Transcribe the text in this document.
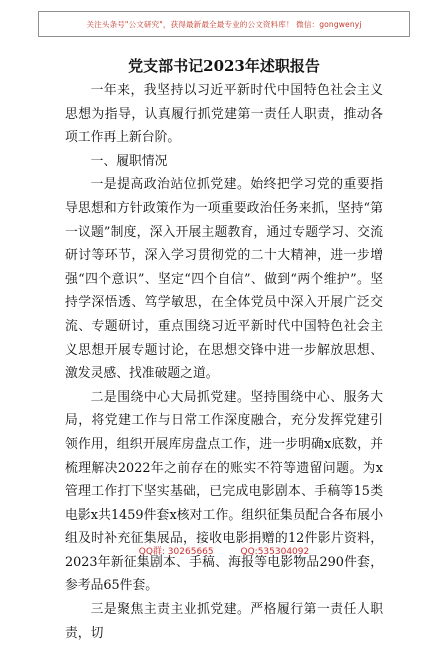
关注头条号"公文研究"，获得最新最全最专业的公文资料库！ 微信：gongwenyj
党支部书记2023年述职报告

一年来，我坚持以习近平新时代中国特色社会主义思想为指导，认真履行抓党建第一责任人职责，推动各项工作再上新台阶。

一、履职情况

一是提高政治站位抓党建。始终把学习党的重要指导思想和方针政策作为一项重要政治任务来抓，坚持“第一议题”制度，深入开展主题教育，通过专题学习、交流研讨等环节，深入学习贯彻党的二十大精神，进一步增强“四个意识”、坚定“四个自信”、做到“两个维护”。坚持学深悟透、笃学敏思，在全体党员中深入开展广泛交流、专题研讨，重点围绕习近平新时代中国特色社会主义思想开展专题讨论，在思想交锋中进一步解放思想、激发灵感、找准破题之道。

二是围绕中心大局抓党建。坚持围绕中心、服务大局，将党建工作与日常工作深度融合，充分发挥党建引领作用，组织开展库房盘点工作，进一步明确x底数，并梳理解决2022年之前存在的账实不符等遗留问题。为x管理工作打下坚实基础，已完成电影剧本、手稿等15类电影x共1459件套x核对工作。组织征集员配合各布展小组及时补充征集展品，接收电影捐赠的12件影片资料，2023年新征集剧本、手稿、海报等电影物品290件套，参考品65件套。

三是聚焦主责主业抓党建。严格履行第一责任人职责，切

QQ群: 30265665	QQ:535304092
